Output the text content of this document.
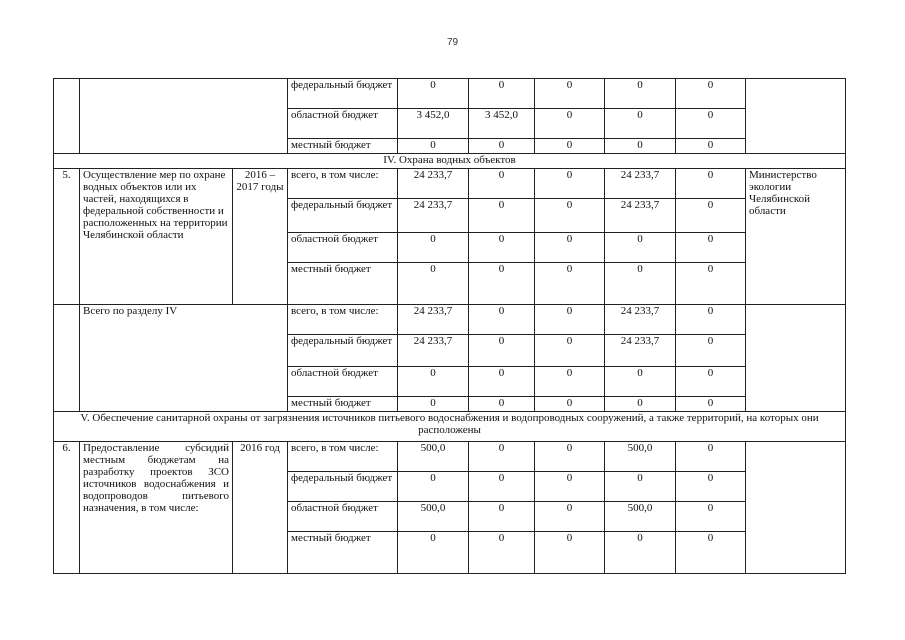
79
			федеральный бюджет	0	0	0	0	0	
			областной бюджет	3 452,0	3 452,0	0	0	0	
			местный бюджет	0	0	0	0	0	
IV. Охрана водных объектов									
5.	Осуществление мер по охране водных объектов или их частей, находящихся в федеральной собственности и расположенных на территории Челябинской области	2016 – 2017 годы	всего, в том числе:	24 233,7	0	0	24 233,7	0	Министерство экологии Челябинской области
			федеральный бюджет	24 233,7	0	0	24 233,7	0	
			областной бюджет	0	0	0	0	0	
			местный бюджет	0	0	0	0	0	
	Всего по разделу IV		всего, в том числе:	24 233,7	0	0	24 233,7	0	
			федеральный бюджет	24 233,7	0	0	24 233,7	0	
			областной бюджет	0	0	0	0	0	
			местный бюджет	0	0	0	0	0	
V. Обеспечение санитарной охраны от загрязнения источников питьевого водоснабжения и водопроводных сооружений, а также территорий, на которых они расположены									
6.	Предоставление субсидий местным бюджетам на разработку проектов ЗСО источников водоснабжения и водопроводов питьевого назначения, в том числе:	2016 год	всего, в том числе:	500,0	0	0	500,0	0	
			федеральный бюджет	0	0	0	0	0	
			областной бюджет	500,0	0	0	500,0	0	
			местный бюджет	0	0	0	0	0	
